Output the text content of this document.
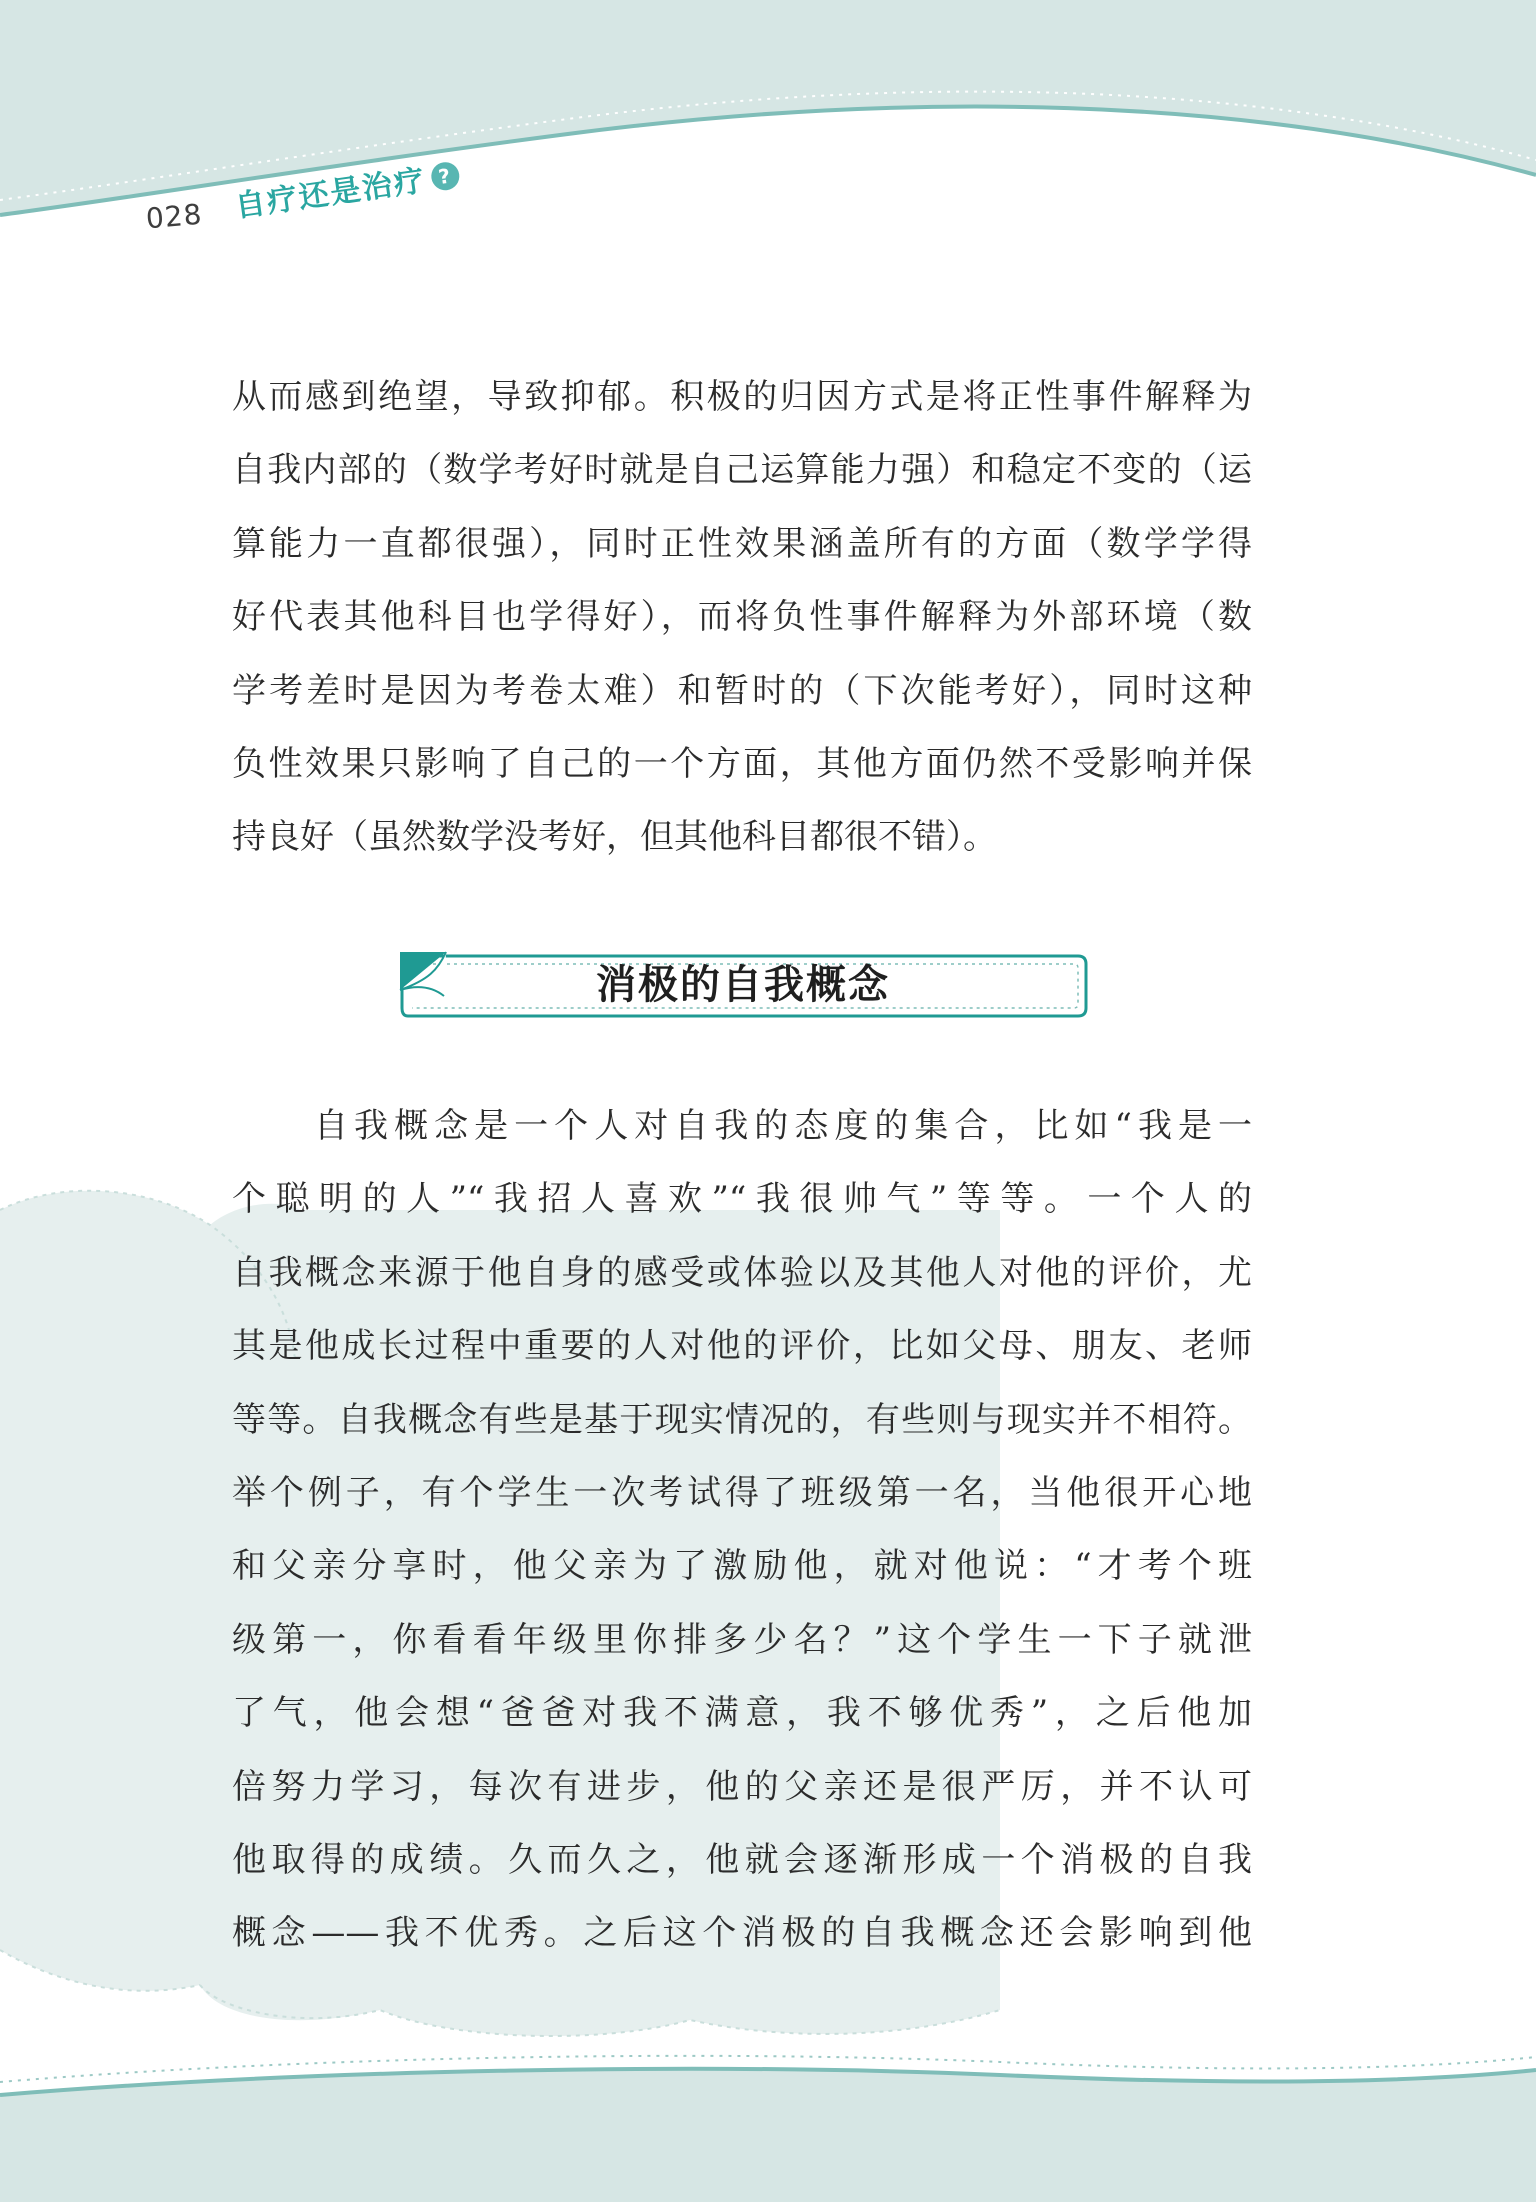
028 自疗还是治疗 ?
从而感到绝望，导致抑郁。积极的归因方式是将正性事件解释为
自我内部的（数学考好时就是自己运算能力强）和稳定不变的（运
算能力一直都很强），同时正性效果涵盖所有的方面（数学学得
好代表其他科目也学得好），而将负性事件解释为外部环境（数
学考差时是因为考卷太难）和暂时的（下次能考好），同时这种
负性效果只影响了自己的一个方面，其他方面仍然不受影响并保
持良好（虽然数学没考好，但其他科目都很不错）。
消极的自我概念
自我概念是一个人对自我的态度的集合，比如“我是一
个聪明的人”“我招人喜欢”“我很帅气”等等。一个人的
自我概念来源于他自身的感受或体验以及其他人对他的评价，尤
其是他成长过程中重要的人对他的评价，比如父母、朋友、老师
等等。自我概念有些是基于现实情况的，有些则与现实并不相符。
举个例子，有个学生一次考试得了班级第一名，当他很开心地
和父亲分享时，他父亲为了激励他，就对他说：“才考个班
级第一，你看看年级里你排多少名？”这个学生一下子就泄
了气，他会想“爸爸对我不满意，我不够优秀”，之后他加
倍努力学习，每次有进步，他的父亲还是很严厉，并不认可
他取得的成绩。久而久之，他就会逐渐形成一个消极的自我
概念——我不优秀。之后这个消极的自我概念还会影响到他
